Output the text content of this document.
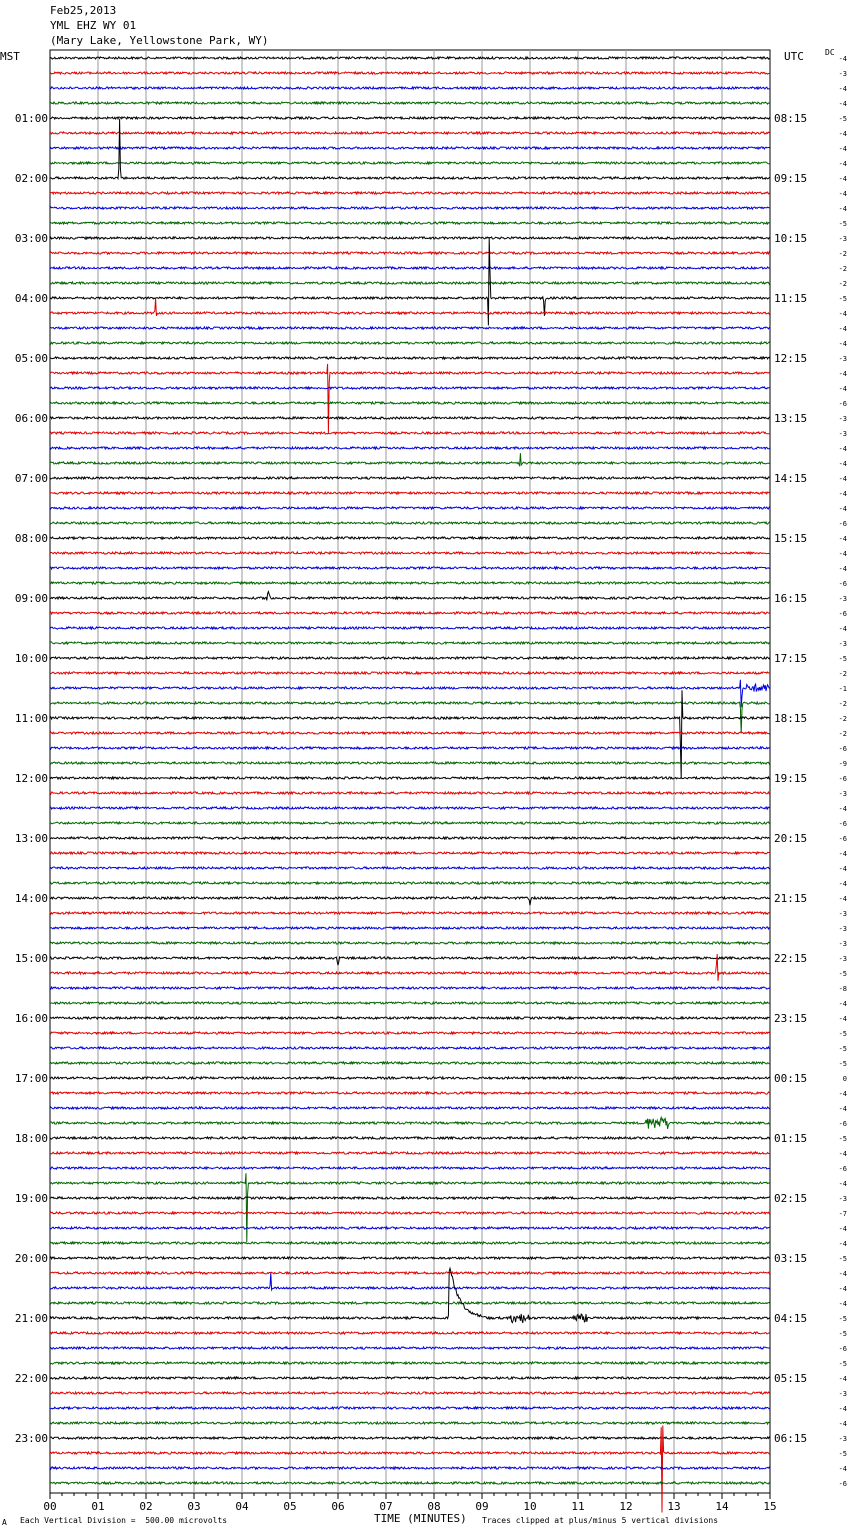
Feb25,2013
YML EHZ WY 01
(Mary Lake, Yellowstone Park, WY)
MST	UTC	DC
00	01	02	03	04	05	06	07	08	09	10	11	12	13	14	15
-4
-3
-4
-4
-5
-4
-4
-4
-4
-4
-4
-5
-3
-2
-2
-2
-5
-4
-4
-4
-3
-4
-4
-6
-3
-3
-4
-4
-4
-4
-4
-6
-4
-4
-4
-6
-3
-6
-4
-3
-5
-2
-1
-2
-2
-2
-6
-9
-6
-3
-4
-6
-6
-4
-4
-4
-4
-3
-3
-3
-3
-5
-8
-4
-4
-5
-5
-5
0
-4
-4
-6
-5
-4
-6
-4
-3
-7
-4
-4
-5
-4
-4
-4
-5
-5
-6
-5
-4
-3
-4
-4
-3
-5
-4
-6
01:00	08:15
02:00	09:15
03:00	10:15
04:00	11:15
05:00	12:15
06:00	13:15
07:00	14:15
08:00	15:15
09:00	16:15
10:00	17:15
11:00	18:15
12:00	19:15
13:00	20:15
14:00	21:15
15:00	22:15
16:00	23:15
17:00	00:15
18:00	01:15
19:00	02:15
20:00	03:15
21:00	04:15
22:00	05:15
23:00	06:15
A Each Vertical Division =  500.00 microvolts	TIME (MINUTES) Traces clipped at plus/minus 5 vertical divisions
